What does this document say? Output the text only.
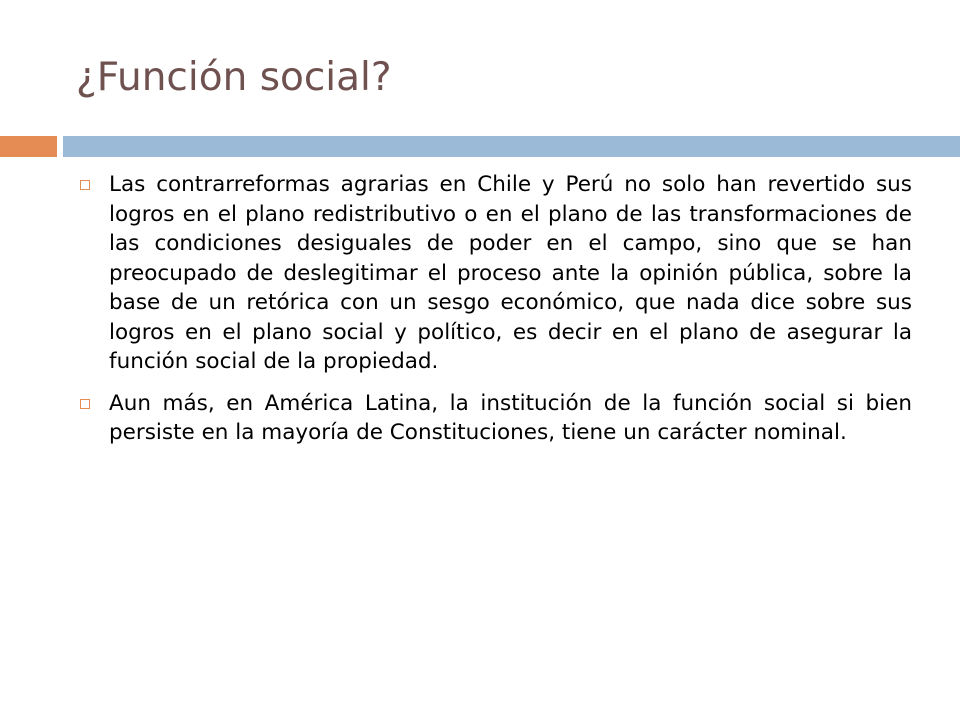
¿Función social?
Las contrarreformas agrarias en Chile y Perú no solo han revertido sus logros en el plano redistributivo o en el plano de las transformaciones de las condiciones desiguales de poder en el campo, sino que se han preocupado de deslegitimar el proceso ante la opinión pública, sobre la base de un retórica con un sesgo económico, que nada dice sobre sus logros en el plano social y político, es decir en el plano de asegurar la función social de la propiedad.
Aun más, en América Latina, la institución de la función social si bien persiste en la mayoría de Constituciones, tiene un carácter nominal.
